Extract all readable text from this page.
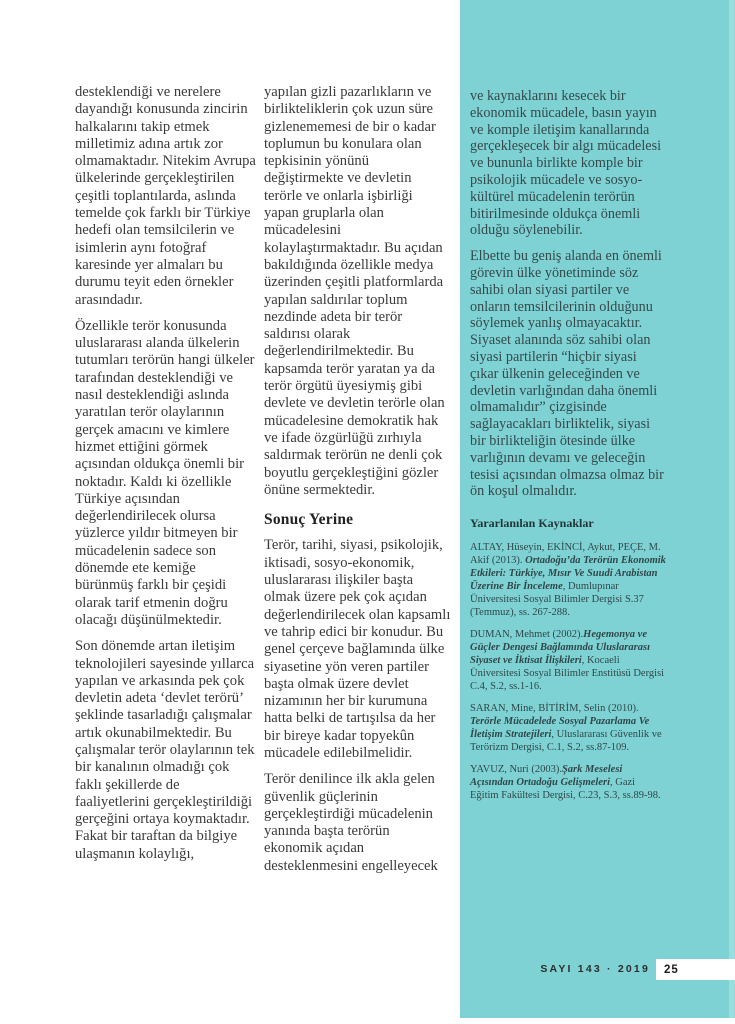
desteklendiği ve nerelere dayandığı konusunda zincirin halkalarını takip etmek milletimiz adına artık zor olmamaktadır. Nitekim Avrupa ülkelerinde gerçekleştirilen çeşitli toplantılarda, aslında temelde çok farklı bir Türkiye hedefi olan temsilcilerin ve isimlerin aynı fotoğraf karesinde yer almaları bu durumu teyit eden örnekler arasındadır.

Özellikle terör konusunda uluslararası alanda ülkelerin tutumları terörün hangi ülkeler tarafından desteklendiği ve nasıl desteklendiği aslında yaratılan terör olaylarının gerçek amacını ve kimlere hizmet ettiğini görmek açısından oldukça önemli bir noktadır. Kaldı ki özellikle Türkiye açısından değerlendirilecek olursa yüzlerce yıldır bitmeyen bir mücadelenin sadece son dönemde ete kemiğe bürünmüş farklı bir çeşidi olarak tarif etmenin doğru olacağı düşünülmektedir.

Son dönemde artan iletişim teknolojileri sayesinde yıllarca yapılan ve arkasında pek çok devletin adeta ‘devlet terörü’ şeklinde tasarladığı çalışmalar artık okunabilmektedir. Bu çalışmalar terör olaylarının tek bir kanalının olmadığı çok faklı şekillerde de faaliyetlerini gerçekleştirildiği gerçeğini ortaya koymaktadır. Fakat bir taraftan da bilgiye ulaşmanın kolaylığı,

yapılan gizli pazarlıkların ve birlikteliklerin çok uzun süre gizlenememesi de bir o kadar toplumun bu konulara olan tepkisinin yönünü değiştirmekte ve devletin terörle ve onlarla işbirliği yapan gruplarla olan mücadelesini kolaylaştırmaktadır. Bu açıdan bakıldığında özellikle medya üzerinden çeşitli platformlarda yapılan saldırılar toplum nezdinde adeta bir terör saldırısı olarak değerlendirilmektedir. Bu kapsamda terör yaratan ya da terör örgütü üyesiymiş gibi devlete ve devletin terörle olan mücadelesine demokratik hak ve ifade özgürlüğü zırhıyla saldırmak terörün ne denli çok boyutlu gerçekleştiğini gözler önüne sermektedir.

Sonuç Yerine

Terör, tarihi, siyasi, psikolojik, iktisadi, sosyo-ekonomik, uluslararası ilişkiler başta olmak üzere pek çok açıdan değerlendirilecek olan kapsamlı ve tahrip edici bir konudur. Bu genel çerçeve bağlamında ülke siyasetine yön veren partiler başta olmak üzere devlet nizamının her bir kurumuna hatta belki de tartışılsa da her bir bireye kadar topyekûn mücadele edilebilmelidir.

Terör denilince ilk akla gelen güvenlik güçlerinin gerçekleştirdiği mücadelenin yanında başta terörün ekonomik açıdan desteklenmesini engelleyecek

ve kaynaklarını kesecek bir ekonomik mücadele, basın yayın ve komple iletişim kanallarında gerçekleşecek bir algı mücadelesi ve bununla birlikte komple bir psikolojik mücadele ve sosyo-kültürel mücadelenin terörün bitirilmesinde oldukça önemli olduğu söylenebilir.

Elbette bu geniş alanda en önemli görevin ülke yönetiminde söz sahibi olan siyasi partiler ve onların temsilcilerinin olduğunu söylemek yanlış olmayacaktır. Siyaset alanında söz sahibi olan siyasi partilerin “hiçbir siyasi çıkar ülkenin geleceğinden ve devletin varlığından daha önemli olmamalıdır” çizgisinde sağlayacakları birliktelik, siyasi bir birlikteliğin ötesinde ülke varlığının devamı ve geleceğin tesisi açısından olmazsa olmaz bir ön koşul olmalıdır.

Yararlanılan Kaynaklar

ALTAY, Hüseyin, EKİNCİ, Aykut, PEÇE, M. Akif (2013). Ortadoğu’da Terörün Ekonomik Etkileri: Türkiye, Mısır Ve Suudi Arabistan Üzerine Bir İnceleme, Dumlupınar Üniversitesi Sosyal Bilimler Dergisi S.37 (Temmuz), ss. 267-288.

DUMAN, Mehmet (2002).Hegemonya ve Güçler Dengesi Bağlamında Uluslararası Siyaset ve İktisat İlişkileri, Kocaeli Üniversitesi Sosyal Bilimler Enstitüsü Dergisi C.4, S.2, ss.1-16.

SARAN, Mine, BİTİRİM, Selin (2010). Terörle Mücadelede Sosyal Pazarlama Ve İletişim Stratejileri, Uluslararası Güvenlik ve Terörizm Dergisi, C.1, S.2, ss.87-109.

YAVUZ, Nuri (2003).Şark Meselesi Açısından Ortadoğu Gelişmeleri, Gazi Eğitim Fakültesi Dergisi, C.23, S.3, ss.89-98.

SAYI 143 · 2019 25
